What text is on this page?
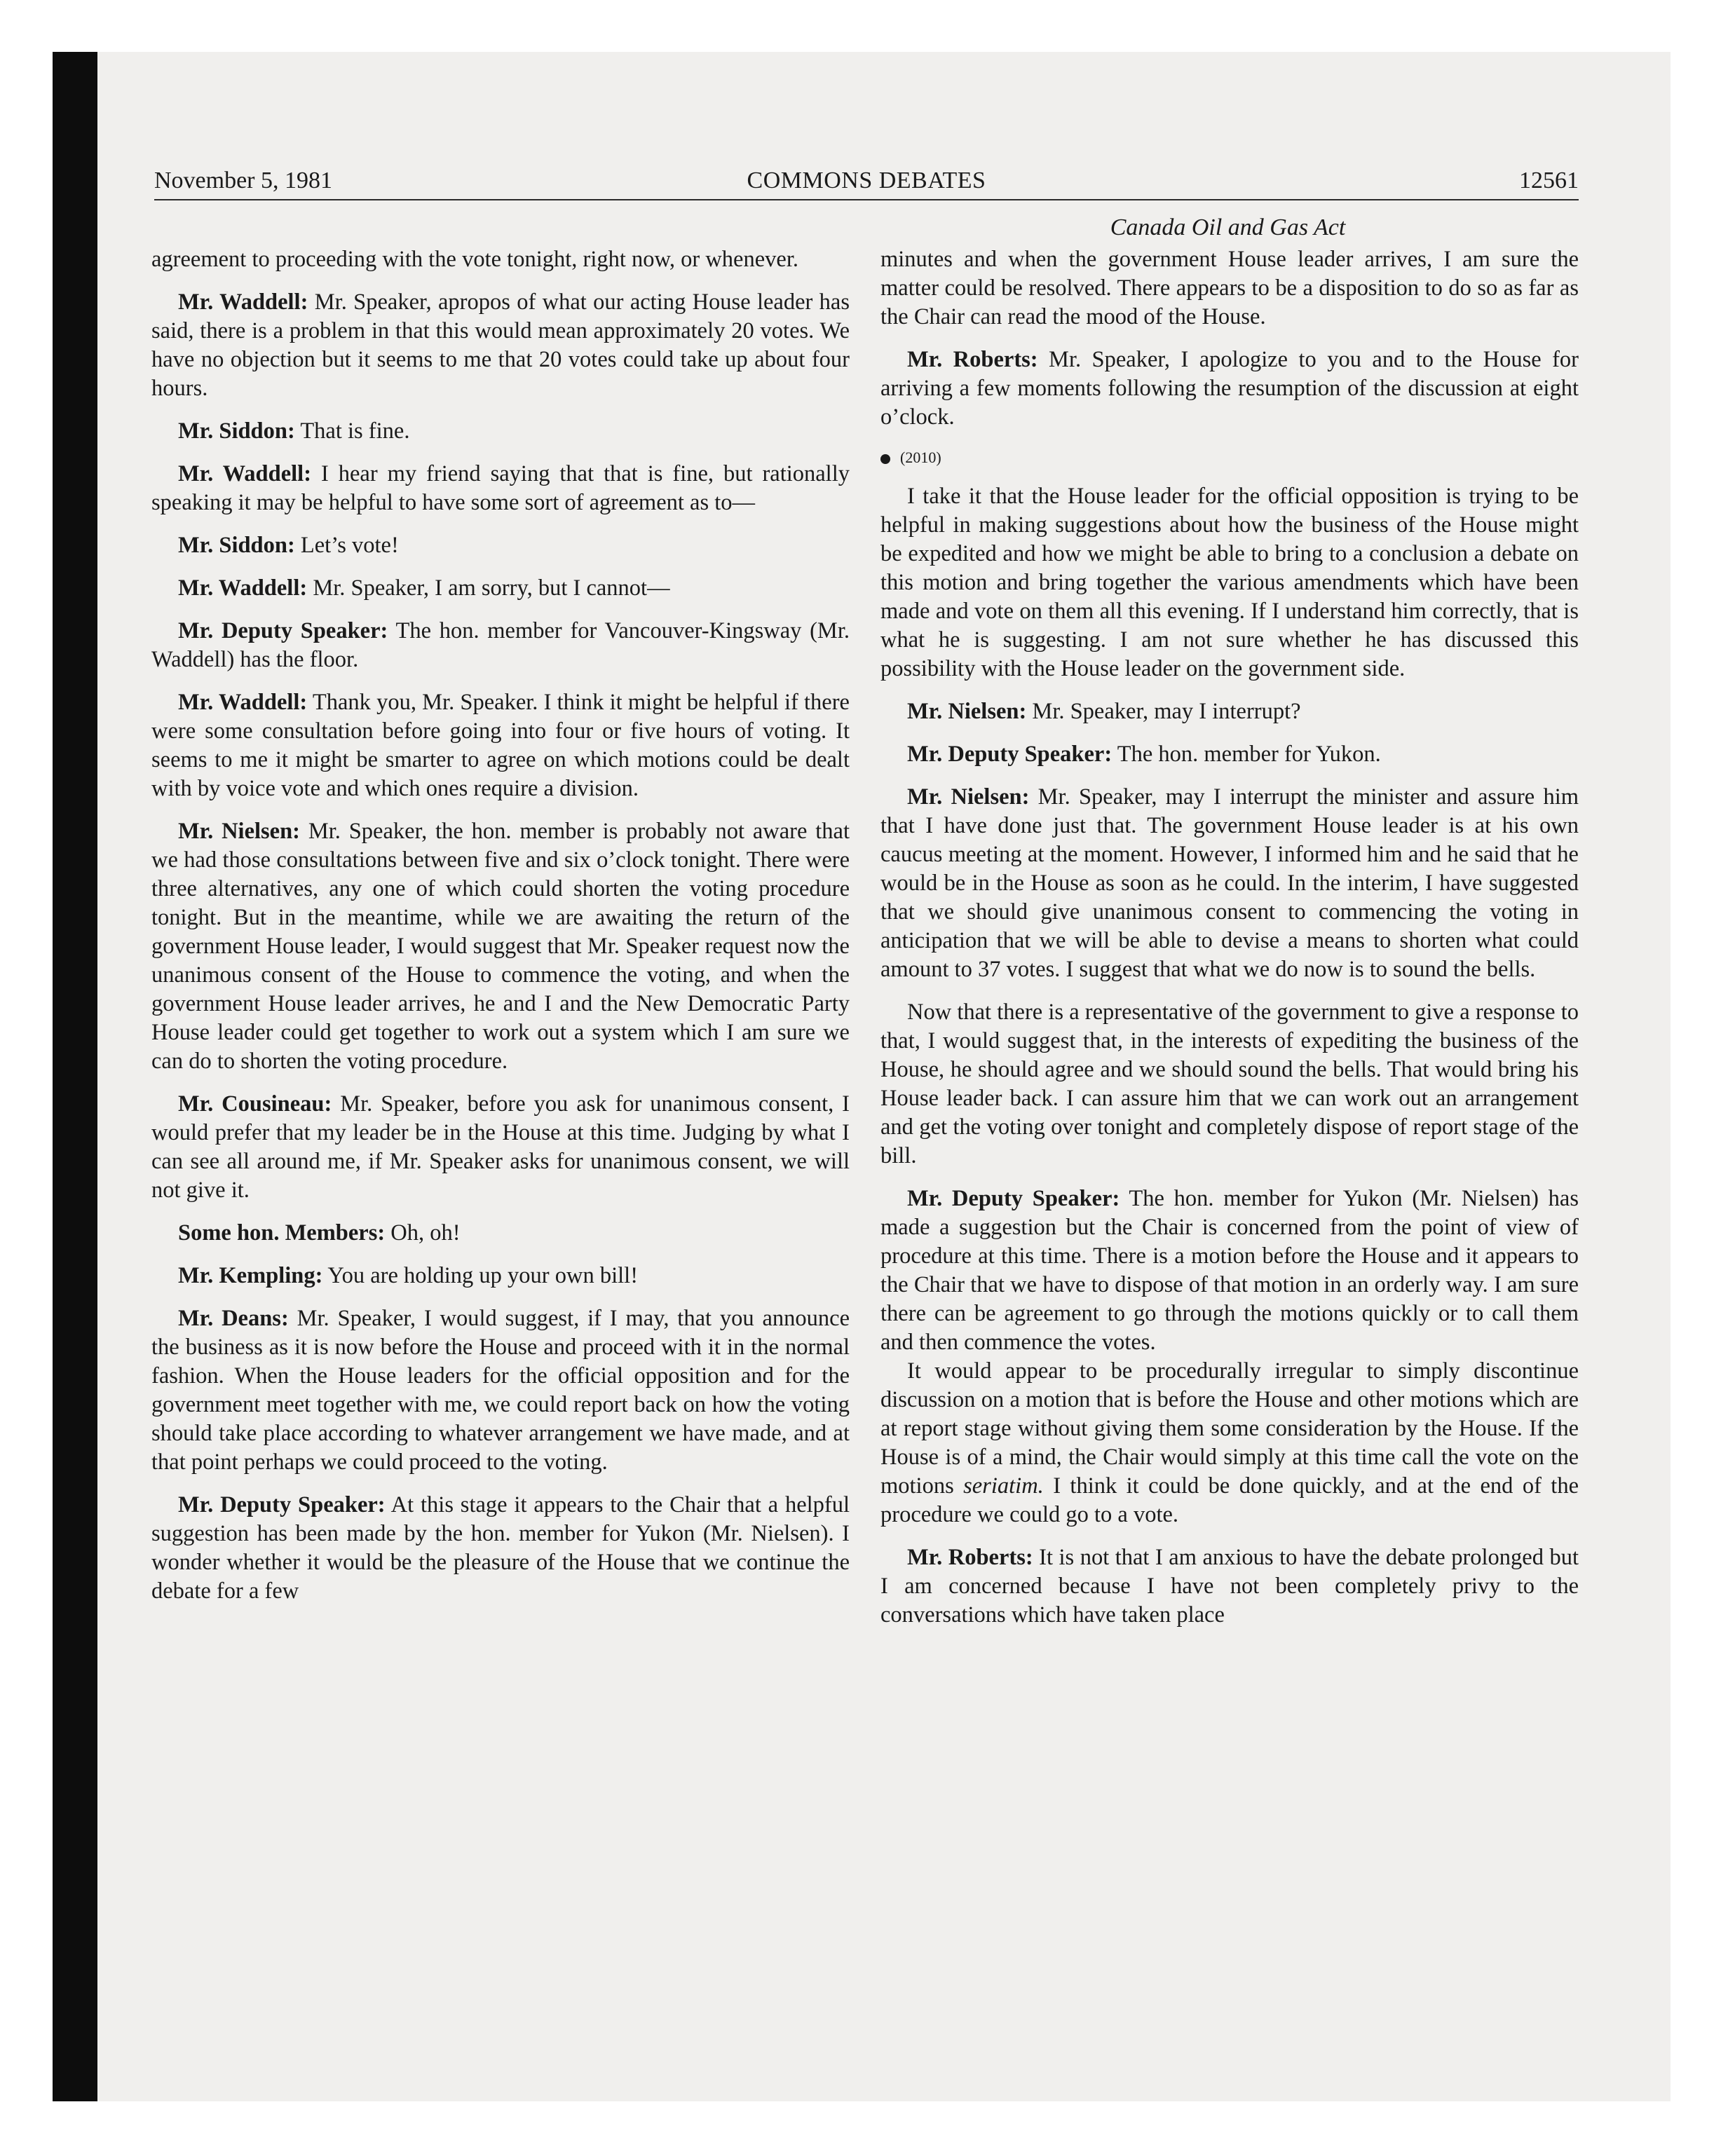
November 5, 1981	COMMONS DEBATES	12561
Canada Oil and Gas Act

agreement to proceeding with the vote tonight, right now, or whenever.

Mr. Waddell: Mr. Speaker, apropos of what our acting House leader has said, there is a problem in that this would mean approximately 20 votes. We have no objection but it seems to me that 20 votes could take up about four hours.

Mr. Siddon: That is fine.

Mr. Waddell: I hear my friend saying that that is fine, but rationally speaking it may be helpful to have some sort of agreement as to—

Mr. Siddon: Let’s vote!

Mr. Waddell: Mr. Speaker, I am sorry, but I cannot—

Mr. Deputy Speaker: The hon. member for Vancouver-Kingsway (Mr. Waddell) has the floor.

Mr. Waddell: Thank you, Mr. Speaker. I think it might be helpful if there were some consultation before going into four or five hours of voting. It seems to me it might be smarter to agree on which motions could be dealt with by voice vote and which ones require a division.

Mr. Nielsen: Mr. Speaker, the hon. member is probably not aware that we had those consultations between five and six o’clock tonight. There were three alternatives, any one of which could shorten the voting procedure tonight. But in the meantime, while we are awaiting the return of the government House leader, I would suggest that Mr. Speaker request now the unanimous consent of the House to commence the voting, and when the government House leader arrives, he and I and the New Democratic Party House leader could get together to work out a system which I am sure we can do to shorten the voting procedure.

Mr. Cousineau: Mr. Speaker, before you ask for unanimous consent, I would prefer that my leader be in the House at this time. Judging by what I can see all around me, if Mr. Speaker asks for unanimous consent, we will not give it.

Some hon. Members: Oh, oh!

Mr. Kempling: You are holding up your own bill!

Mr. Deans: Mr. Speaker, I would suggest, if I may, that you announce the business as it is now before the House and proceed with it in the normal fashion. When the House leaders for the official opposition and for the government meet together with me, we could report back on how the voting should take place according to whatever arrangement we have made, and at that point perhaps we could proceed to the voting.

Mr. Deputy Speaker: At this stage it appears to the Chair that a helpful suggestion has been made by the hon. member for Yukon (Mr. Nielsen). I wonder whether it would be the pleasure of the House that we continue the debate for a few

minutes and when the government House leader arrives, I am sure the matter could be resolved. There appears to be a disposition to do so as far as the Chair can read the mood of the House.

Mr. Roberts: Mr. Speaker, I apologize to you and to the House for arriving a few moments following the resumption of the discussion at eight o’clock.

(2010)

I take it that the House leader for the official opposition is trying to be helpful in making suggestions about how the business of the House might be expedited and how we might be able to bring to a conclusion a debate on this motion and bring together the various amendments which have been made and vote on them all this evening. If I understand him correctly, that is what he is suggesting. I am not sure whether he has discussed this possibility with the House leader on the government side.

Mr. Nielsen: Mr. Speaker, may I interrupt?

Mr. Deputy Speaker: The hon. member for Yukon.

Mr. Nielsen: Mr. Speaker, may I interrupt the minister and assure him that I have done just that. The government House leader is at his own caucus meeting at the moment. However, I informed him and he said that he would be in the House as soon as he could. In the interim, I have suggested that we should give unanimous consent to commencing the voting in anticipation that we will be able to devise a means to shorten what could amount to 37 votes. I suggest that what we do now is to sound the bells.

Now that there is a representative of the government to give a response to that, I would suggest that, in the interests of expediting the business of the House, he should agree and we should sound the bells. That would bring his House leader back. I can assure him that we can work out an arrangement and get the voting over tonight and completely dispose of report stage of the bill.

Mr. Deputy Speaker: The hon. member for Yukon (Mr. Nielsen) has made a suggestion but the Chair is concerned from the point of view of procedure at this time. There is a motion before the House and it appears to the Chair that we have to dispose of that motion in an orderly way. I am sure there can be agreement to go through the motions quickly or to call them and then commence the votes.

It would appear to be procedurally irregular to simply discontinue discussion on a motion that is before the House and other motions which are at report stage without giving them some consideration by the House. If the House is of a mind, the Chair would simply at this time call the vote on the motions seriatim. I think it could be done quickly, and at the end of the procedure we could go to a vote.

Mr. Roberts: It is not that I am anxious to have the debate prolonged but I am concerned because I have not been completely privy to the conversations which have taken place
